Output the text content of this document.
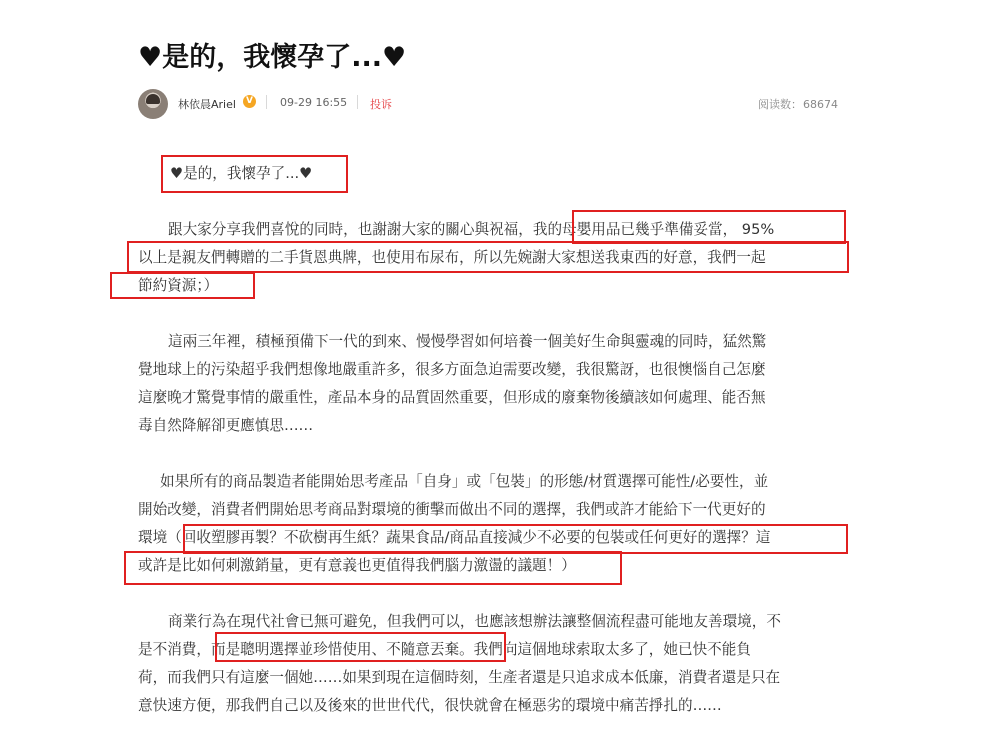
♥是的，我懷孕了...♥
林依晨Ariel	V 09-29 16:55 投诉	阅读数：68674
♥是的，我懷孕了...♥
跟大家分享我們喜悅的同時，也謝謝大家的關心與祝福，我的母嬰用品已幾乎準備妥當， 95%
以上是親友們轉贈的二手貨恩典牌，也使用布尿布，所以先婉謝大家想送我東西的好意，我們一起
節約資源；）
這兩三年裡，積極預備下一代的到來、慢慢學習如何培養一個美好生命與靈魂的同時，猛然驚
覺地球上的污染超乎我們想像地嚴重許多，很多方面急迫需要改變，我很驚訝，也很懊惱自己怎麼
這麼晚才驚覺事情的嚴重性，產品本身的品質固然重要，但形成的廢棄物後續該如何處理、能否無
毒自然降解卻更應慎思……
如果所有的商品製造者能開始思考產品「自身」或「包裝」的形態/材質選擇可能性/必要性，並
開始改變，消費者們開始思考商品對環境的衝擊而做出不同的選擇，我們或許才能給下一代更好的
環境（回收塑膠再製？不砍樹再生紙？蔬果食品/商品直接減少不必要的包裝或任何更好的選擇？這
或許是比如何刺激銷量，更有意義也更值得我們腦力激盪的議題！）
商業行為在現代社會已無可避免，但我們可以，也應該想辦法讓整個流程盡可能地友善環境，不
是不消費，而是聰明選擇並珍惜使用、不隨意丟棄。我們向這個地球索取太多了，她已快不能負
荷，而我們只有這麼一個她……如果到現在這個時刻，生產者還是只追求成本低廉，消費者還是只在
意快速方便，那我們自己以及後來的世世代代，很快就會在極惡劣的環境中痛苦掙扎的……
